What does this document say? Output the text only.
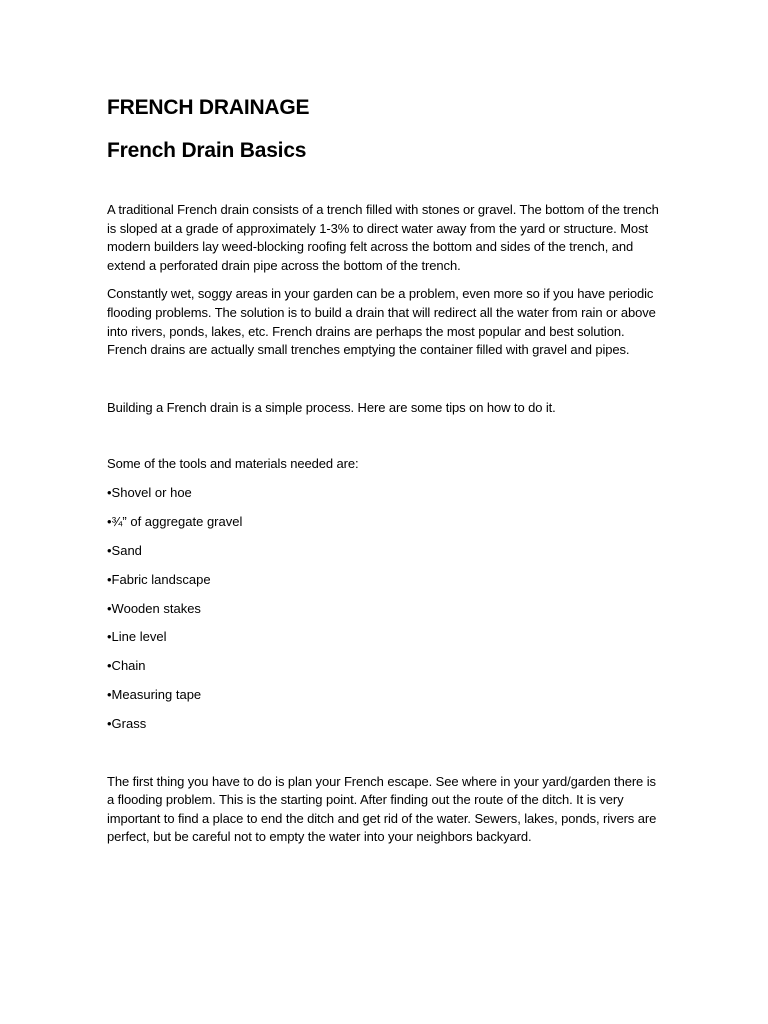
FRENCH DRAINAGE
French Drain Basics

A traditional French drain consists of a trench filled with stones or gravel. The bottom of the trench is sloped at a grade of approximately 1-3% to direct water away from the yard or structure. Most modern builders lay weed-blocking roofing felt across the bottom and sides of the trench, and extend a perforated drain pipe across the bottom of the trench.

Constantly wet, soggy areas in your garden can be a problem, even more so if you have periodic flooding problems. The solution is to build a drain that will redirect all the water from rain or above into rivers, ponds, lakes, etc. French drains are perhaps the most popular and best solution. French drains are actually small trenches emptying the container filled with gravel and pipes.

Building a French drain is a simple process. Here are some tips on how to do it.

Some of the tools and materials needed are:

•Shovel or hoe
•¾” of aggregate gravel
•Sand
•Fabric landscape
•Wooden stakes
•Line level
•Chain
•Measuring tape
•Grass

The first thing you have to do is plan your French escape. See where in your yard/garden there is a flooding problem. This is the starting point. After finding out the route of the ditch. It is very important to find a place to end the ditch and get rid of the water. Sewers, lakes, ponds, rivers are perfect, but be careful not to empty the water into your neighbors backyard.
